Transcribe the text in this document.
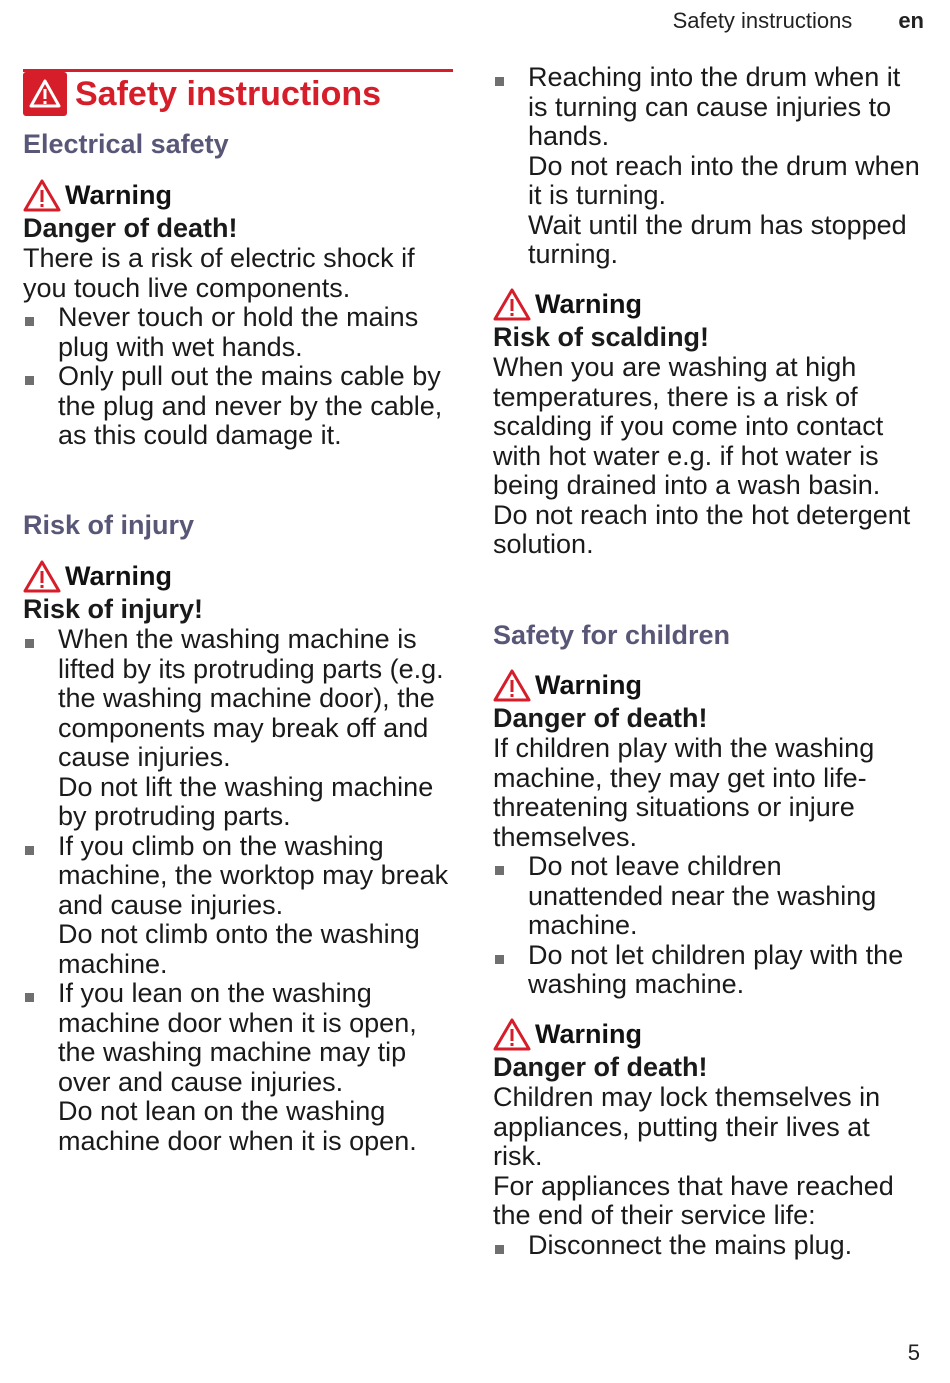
Safety instructions en
Safety instructions
Electrical safety
Warning

Danger of death!

There is a risk of electric shock if you touch live components.

Never touch or hold the mains plug with wet hands.
Only pull out the mains cable by the plug and never by the cable, as this could damage it.
Risk of injury
Warning

Risk of injury!

When the washing machine is lifted by its protruding parts (e.g. the washing machine door), the components may break off and cause injuries.
Do not lift the washing machine by protruding parts.
If you climb on the washing machine, the worktop may break and cause injuries.
Do not climb onto the washing machine.
If you lean on the washing machine door when it is open, the washing machine may tip over and cause injuries.
Do not lean on the washing machine door when it is open.
Reaching into the drum when it is turning can cause injuries to hands.
Do not reach into the drum when it is turning.
Wait until the drum has stopped turning.
Warning

Risk of scalding!

When you are washing at high temperatures, there is a risk of scalding if you come into contact with hot water e.g. if hot water is being drained into a wash basin.

Do not reach into the hot detergent solution.

Safety for children
Warning

Danger of death!

If children play with the washing machine, they may get into life-threatening situations or injure themselves.

Do not leave children unattended near the washing machine.
Do not let children play with the washing machine.
Warning

Danger of death!

Children may lock themselves in appliances, putting their lives at risk.

For appliances that have reached the end of their service life:

Disconnect the mains plug.
5
